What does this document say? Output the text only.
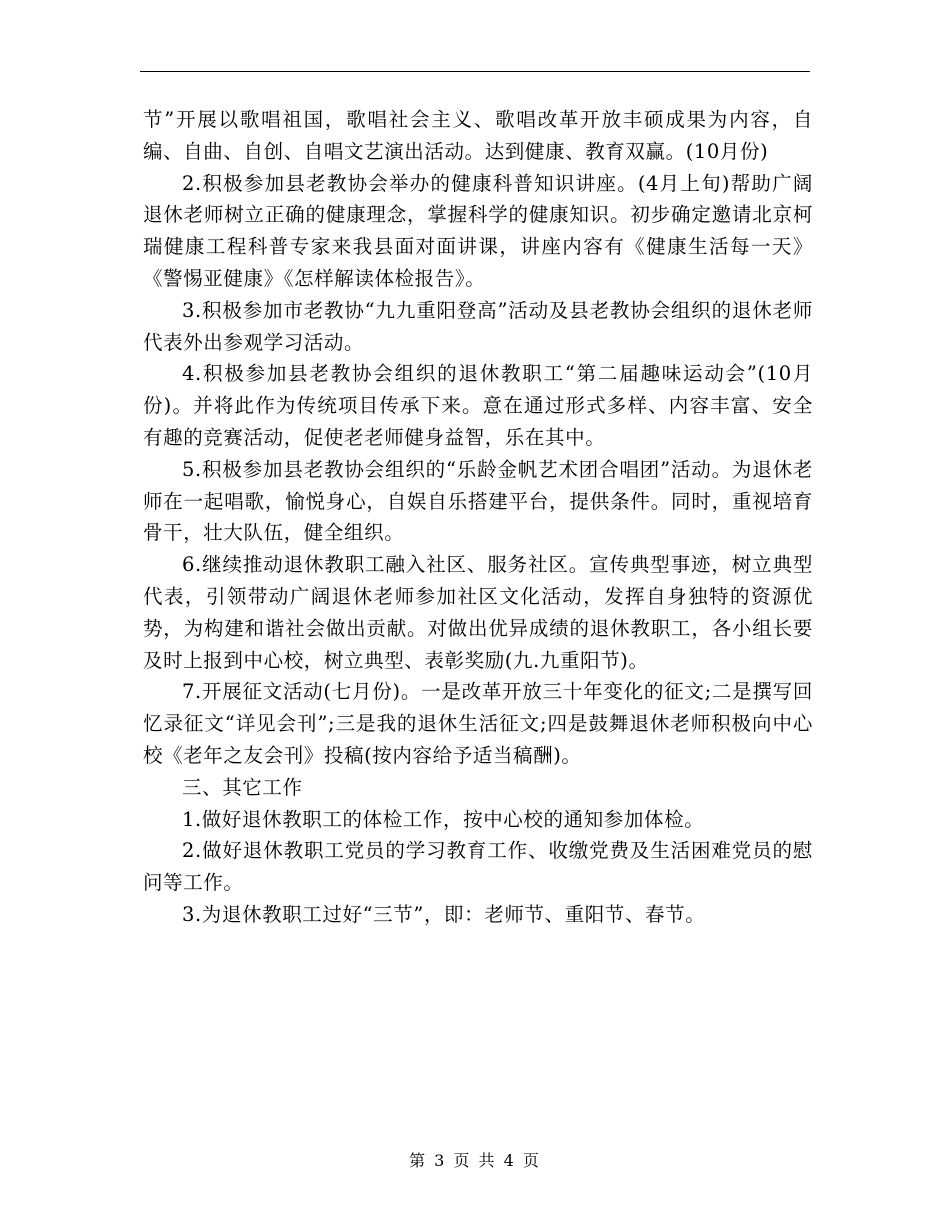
节”开展以歌唱祖国，歌唱社会主义、歌唱改革开放丰硕成果为内容，自编、自曲、自创、自唱文艺演出活动。达到健康、教育双赢。(10月份)

2.积极参加县老教协会举办的健康科普知识讲座。(4月上旬)帮助广阔退休老师树立正确的健康理念，掌握科学的健康知识。初步确定邀请北京柯瑞健康工程科普专家来我县面对面讲课，讲座内容有《健康生活每一天》《警惕亚健康》《怎样解读体检报告》。

3.积极参加市老教协“九九重阳登高”活动及县老教协会组织的退休老师代表外出参观学习活动。

4.积极参加县老教协会组织的退休教职工“第二届趣味运动会”(10月份)。并将此作为传统项目传承下来。意在通过形式多样、内容丰富、安全有趣的竞赛活动，促使老老师健身益智，乐在其中。

5.积极参加县老教协会组织的“乐龄金帆艺术团合唱团”活动。为退休老师在一起唱歌，愉悦身心，自娱自乐搭建平台，提供条件。同时，重视培育骨干，壮大队伍，健全组织。

6.继续推动退休教职工融入社区、服务社区。宣传典型事迹，树立典型代表，引领带动广阔退休老师参加社区文化活动，发挥自身独特的资源优势，为构建和谐社会做出贡献。对做出优异成绩的退休教职工，各小组长要及时上报到中心校，树立典型、表彰奖励(九.九重阳节)。

7.开展征文活动(七月份)。一是改革开放三十年变化的征文;二是撰写回忆录征文“详见会刊”;三是我的退休生活征文;四是鼓舞退休老师积极向中心校《老年之友会刊》投稿(按内容给予适当稿酬)。

三、其它工作

1.做好退休教职工的体检工作，按中心校的通知参加体检。

2.做好退休教职工党员的学习教育工作、收缴党费及生活困难党员的慰问等工作。

3.为退休教职工过好“三节”，即：老师节、重阳节、春节。

第 3 页 共 4 页
